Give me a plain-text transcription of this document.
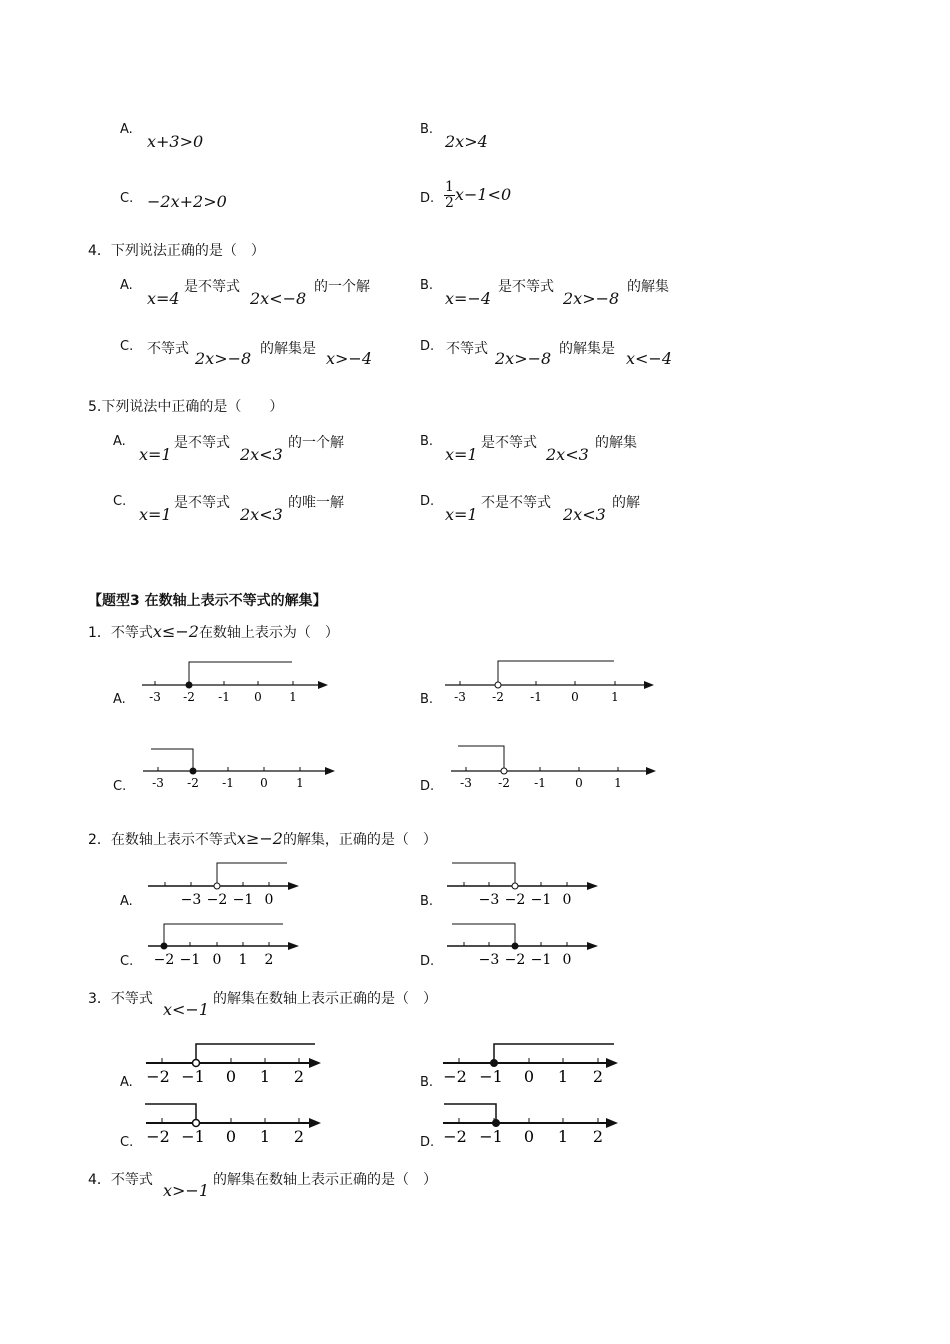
A.
x+3>0
B.
2x>4
C. −2x+2>0	D. $\frac{1}{2} x-1<0$
4．下列说法正确的是（　）
A.
x=4
是不等式
2x<−8
的一个解	B.
x=−4
是不等式
2x>−8
的解集
C. 不等式 2x>−8 的解集是 x>−4
D. 不等式 2x>−8 的解集是 x<−4
5.下列说法中正确的是（　　）
A.
x=1
是不等式
2x<3
的一个解	B.
x=1
是不等式
2x<3
的解集
C.
x=1
是不等式
2x<3
的唯一解	D.
x=1
不是不等式
2x<3
的解
【题型3 在数轴上表示不等式的解集】
1．不等式x≤−2在数轴上表示为（　）
A. -3 -2 -1 0 1	B. -3 -2 -1 0	1
C. -3 -2 -1 0 1	D. -3 -2 -1 0	1
2．在数轴上表示不等式x≥−2的解集，正确的是（　）
A.	−3 −2 −1 0	B.	−3 −2 −1 0
C. −2 −1 0 1 2	D.	−3 −2 −1 0
3．不等式
x<−1
的解集在数轴上表示正确的是（　）
A. −2 −1 0 1 2	B. −2 −1 0 1 2
C. −2 −1 0 1 2	D. −2 −1 0 1 2
4．不等式
x>−1
的解集在数轴上表示正确的是（　）
